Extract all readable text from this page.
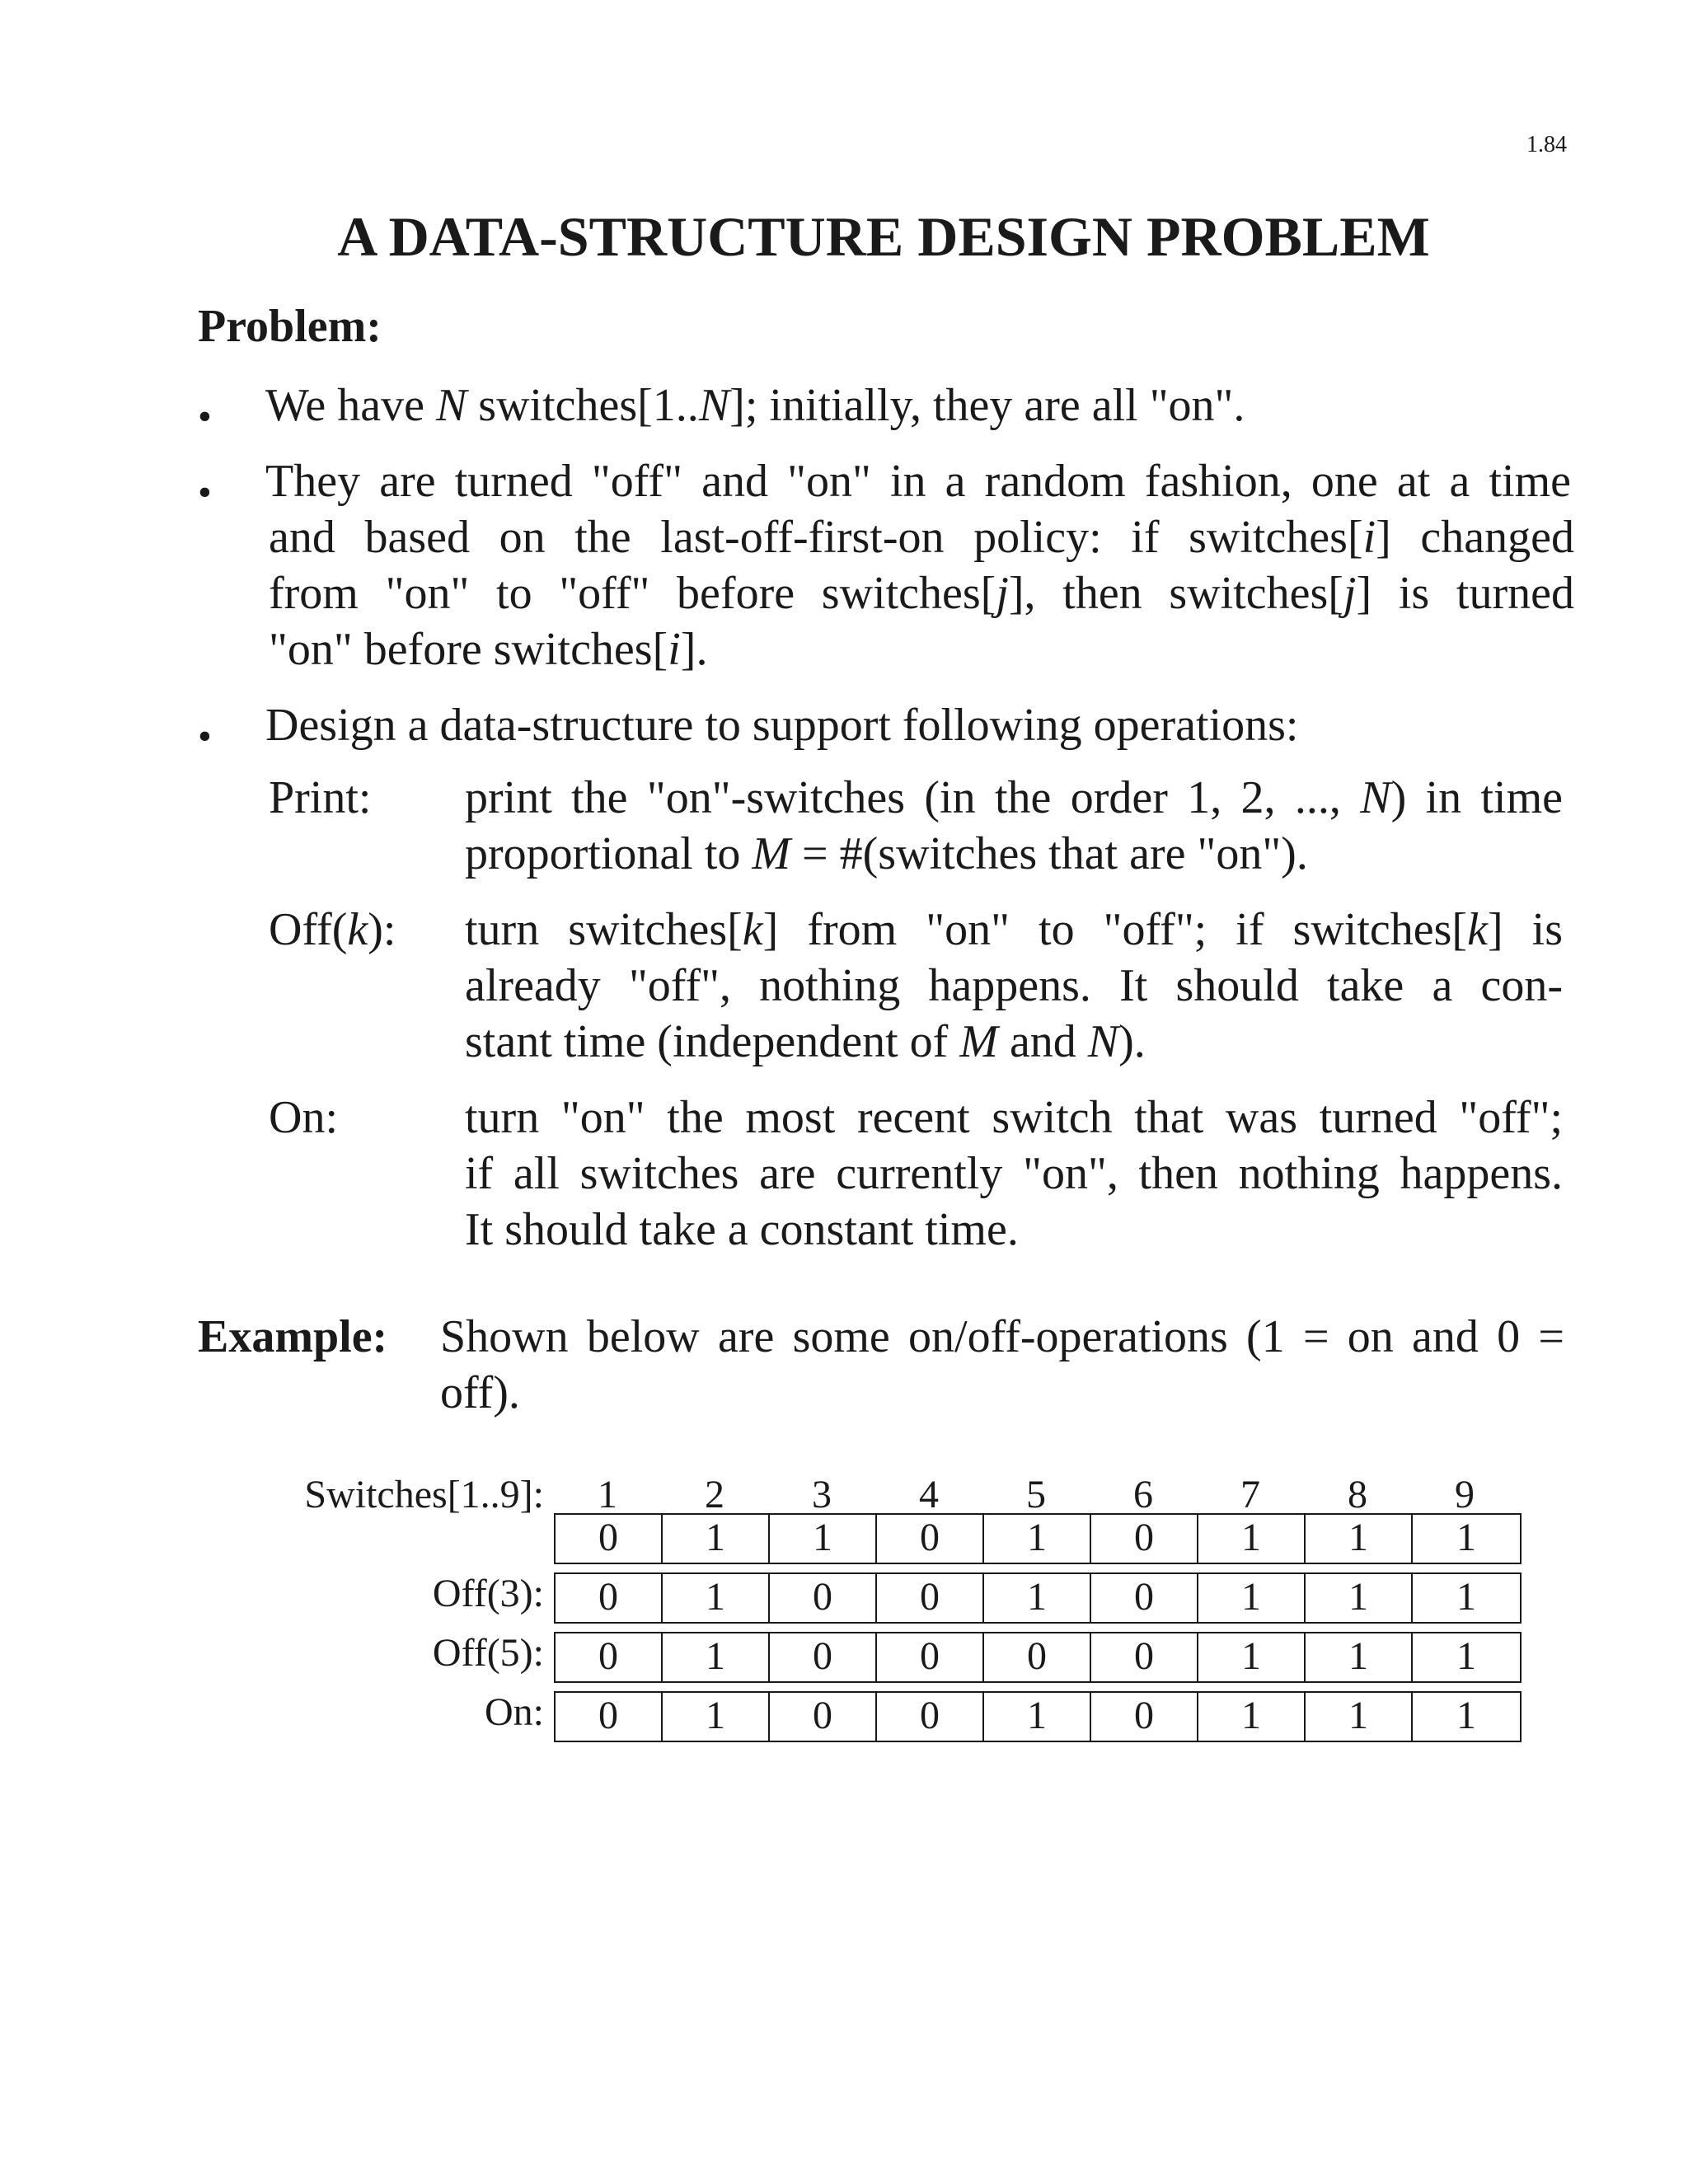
1.84
A DATA-STRUCTURE DESIGN PROBLEM
Problem:
• We have N switches[1..N]; initially, they are all "on".
• They are turned "off" and "on" in a random fashion, one at a time
and based on the last-off-first-on policy: if switches[i] changed
from "on" to "off" before switches[j], then switches[j] is turned
"on" before switches[i].
• Design a data-structure to support following operations:
Print: print the "on"-switches (in the order 1, 2, ..., N) in time
proportional to M = #(switches that are "on").
Off(k): turn switches[k] from "on" to "off"; if switches[k] is
already "off", nothing happens. It should take a con-
stant time (independent of M and N).
On:	turn "on" the most recent switch that was turned "off";
if all switches are currently "on", then nothing happens.
It should take a constant time.
Example: Shown below are some on/off-operations (1 = on and 0 =
off).
Switches[1..9]:	1	2	3	4	5	6	7	8	9
0	1	1	0	1	0	1	1	1
Off(3):	0	1	0	0	1	0	1	1	1
Off(5):	0	1	0	0	0	0	1	1	1
On:	0	1	0	0	1	0	1	1	1
